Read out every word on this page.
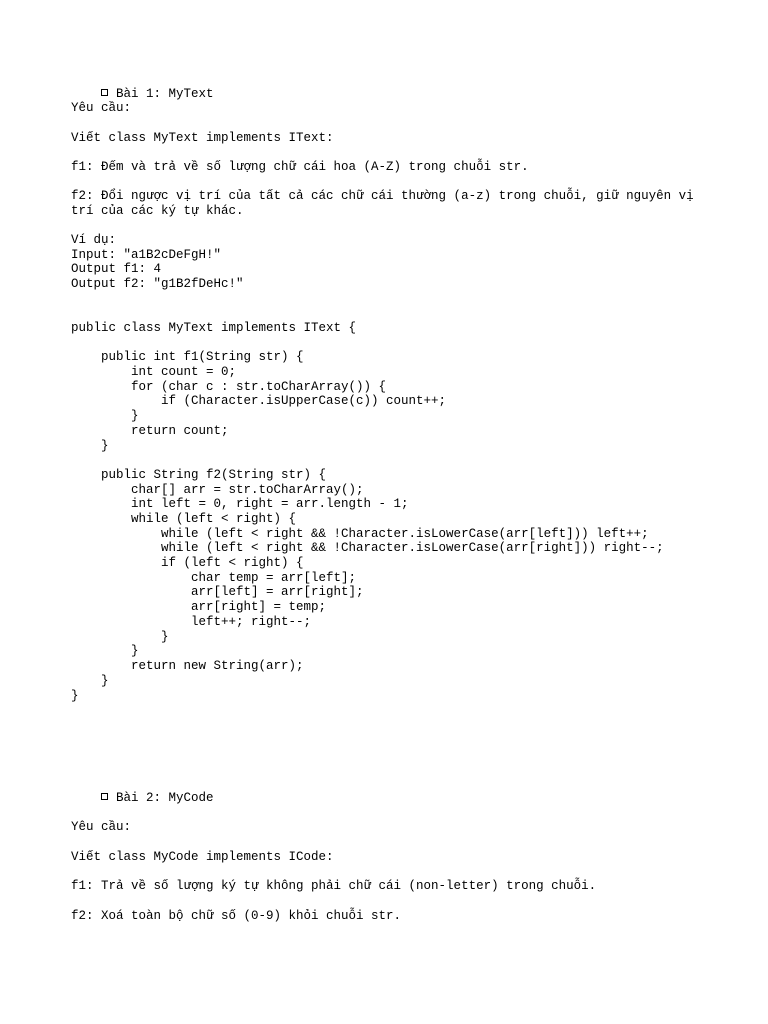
Bài 1: MyText

Yêu cầu:
Viết class MyText implements IText:
f1: Đếm và trả về số lượng chữ cái hoa (A-Z) trong chuỗi str.
f2: Đổi ngược vị trí của tất cả các chữ cái thường (a-z) trong chuỗi, giữ nguyên vị
trí của các ký tự khác.
Ví dụ:
Input: "a1B2cDeFgH!"
Output f1: 4
Output f2: "g1B2fDeHc!"
public class MyText implements IText {
public int f1(String str) {
int count = 0;
for (char c : str.toCharArray()) {
if (Character.isUpperCase(c)) count++;
}
return count;
}
public String f2(String str) {
char[] arr = str.toCharArray();
int left = 0, right = arr.length - 1;
while (left < right) {
while (left < right && !Character.isLowerCase(arr[left])) left++;
while (left < right && !Character.isLowerCase(arr[right])) right--;
if (left < right) {
char temp = arr[left];
arr[left] = arr[right];
arr[right] = temp;
left++; right--;
}
}
return new String(arr);
}
}

Bài 2: MyCode

Yêu cầu:
Viết class MyCode implements ICode:
f1: Trả về số lượng ký tự không phải chữ cái (non-letter) trong chuỗi.
f2: Xoá toàn bộ chữ số (0-9) khỏi chuỗi str.
